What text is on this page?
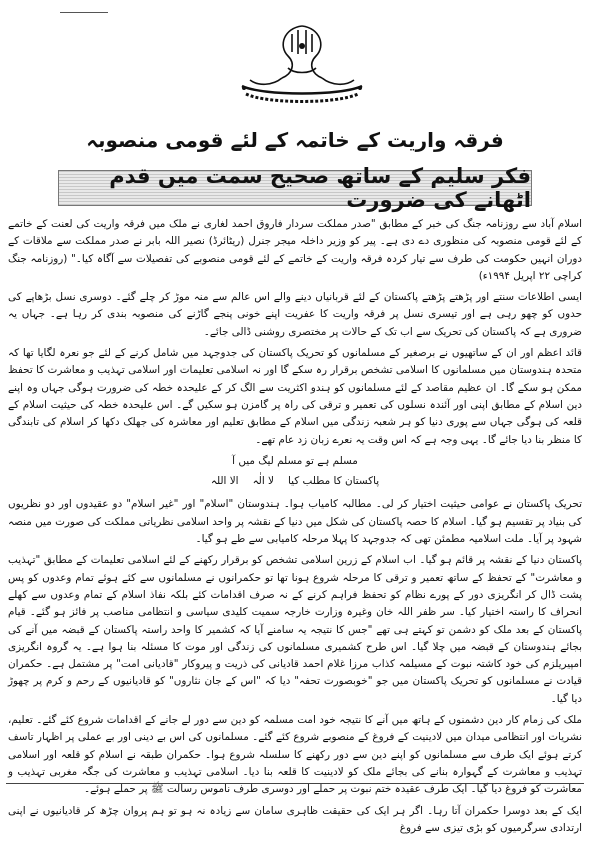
فرقہ واریت کے خاتمہ کے لئے قومی منصوبہ
فکر سلیم کے ساتھ صحیح سمت میں قدم اٹھانے کی ضرورت

اسلام آباد سے روزنامہ جنگ کی خبر کے مطابق "صدر مملکت سردار فاروق احمد لغاری نے ملک میں فرقہ واریت کی لعنت کے خاتمے کے لئے قومی منصوبہ کی منظوری دے دی ہے۔ پیر کو وزیر داخلہ میجر جنرل (ریٹائرڈ) نصیر اللہ بابر نے صدر مملکت سے ملاقات کے دوران انہیں حکومت کی طرف سے تیار کردہ فرقہ واریت کے خاتمے کے لئے قومی منصوبے کی تفصیلات سے آگاہ کیا۔" (روزنامہ جنگ کراچی ۲۲ اپریل ۱۹۹۴ء)

ایسی اطلاعات سنتے اور پڑھتے پڑھتے پاکستان کے لئے قربانیاں دینے والے اس عالم سے منہ موڑ کر چلے گئے۔ دوسری نسل بڑھاپے کی حدوں کو چھو رہی ہے اور تیسری نسل پر فرقہ واریت کا عفریت اپنے خونی پنجے گاڑنے کی منصوبہ بندی کر رہا ہے۔ جہاں یہ ضروری ہے کہ پاکستان کی تحریک سے اب تک کے حالات پر مختصری روشنی ڈالی جائے۔

قائد اعظم اور ان کے ساتھیوں نے برصغیر کے مسلمانوں کو تحریک پاکستان کی جدوجہد میں شامل کرنے کے لئے جو نعرہ لگایا تھا کہ متحدہ ہندوستان میں مسلمانوں کا اسلامی تشخص برقرار رہ سکے گا اور نہ اسلامی تعلیمات اور اسلامی تہذیب و معاشرت کا تحفظ ممکن ہو سکے گا۔ ان عظیم مقاصد کے لئے مسلمانوں کو ہندو اکثریت سے الگ کر کے علیحدہ خطہ کی ضرورت ہوگی جہاں وہ اپنے دین اسلام کے مطابق اپنی اور آئندہ نسلوں کی تعمیر و ترقی کی راہ پر گامزن ہو سکیں گے۔ اس علیحدہ خطہ کی حیثیت اسلام کے قلعہ کی ہوگی جہاں سے پوری دنیا کو ہر شعبہ زندگی میں اسلام کے مطابق تعلیم اور معاشرہ کی جھلک دکھا کر اسلام کی تابندگی کا منظر بنا دیا جائے گا۔ یہی وجہ ہے کہ اس وقت یہ نعرے زبان زد عام تھے۔

مسلم ہے تو مسلم لیگ میں آ
پاکستان کا مطلب کیا
لا الٰہ
الا اللہ

تحریک پاکستان نے عوامی حیثیت اختیار کر لی۔ مطالبہ کامیاب ہوا۔ ہندوستان "اسلام" اور "غیر اسلام" دو عقیدوں اور دو نظریوں کی بنیاد پر تقسیم ہو گیا۔ اسلام کا حصہ پاکستان کی شکل میں دنیا کے نقشہ پر واحد اسلامی نظریاتی مملکت کی صورت میں منصہ شہود پر آیا۔ ملت اسلامیہ مطمئن تھی کہ جدوجہد کا پہلا مرحلہ کامیابی سے طے ہو گیا۔

پاکستان دنیا کے نقشہ پر قائم ہو گیا۔ اب اسلام کے زرین اسلامی تشخص کو برقرار رکھنے کے لئے اسلامی تعلیمات کے مطابق "تہذیب و معاشرت" کے تحفظ کے ساتھ تعمیر و ترقی کا مرحلہ شروع ہونا تھا تو حکمرانوں نے مسلمانوں سے کئے ہوئے تمام وعدوں کو پس پشت ڈال کر انگریزی دور کے پورے نظام کو تحفظ فراہم کرنے کے نہ صرف اقدامات کئے بلکہ نفاذ اسلام کے تمام وعدوں سے کھلے انحراف کا راستہ اختیار کیا۔ سر ظفر اللہ خان وغیرہ وزارت خارجہ سمیت کلیدی سیاسی و انتظامی مناصب پر فائز ہو گئے۔ قیام پاکستان کے بعد ملک کو دشمن تو کہتے ہی تھے "جس کا نتیجہ یہ سامنے آیا کہ کشمیر کا واحد راستہ پاکستان کے قبضہ میں آنے کی بجائے ہندوستان کے قبضہ میں چلا گیا۔ اس طرح کشمیری مسلمانوں کی زندگی اور موت کا مسئلہ بنا ہوا ہے۔ یہ گروہ انگریزی امپیریلزم کی خود کاشتہ نبوت کے مسیلمہ کذاب مرزا غلام احمد قادیانی کی ذریت و پیروکار "قادیانی امت" پر مشتمل ہے۔ حکمران قیادت نے مسلمانوں کو تحریک پاکستان میں جو "خوبصورت تحفہ" دیا کہ "اس کے جان نثاروں" کو قادیانیوں کے رحم و کرم پر چھوڑ دیا گیا۔

ملک کی زمام کار دین دشمنوں کے ہاتھ میں آنے کا نتیجہ خود امت مسلمہ کو دین سے دور لے جانے کے اقدامات شروع کئے گئے۔ تعلیم، نشریات اور انتظامی میدان میں لادینیت کے فروغ کے منصوبے شروع کئے گئے۔ مسلمانوں کی اس بے دینی اور بے عملی پر اظہار تاسف کرتے ہوئے ایک طرف سے مسلمانوں کو اپنے دین سے دور رکھنے کا سلسلہ شروع ہوا۔ حکمران طبقہ نے اسلام کو قلعہ اور اسلامی تہذیب و معاشرت کے گہوارہ بنانے کی بجائے ملک کو لادینیت کا قلعہ بنا دیا۔ اسلامی تہذیب و معاشرت کی جگہ مغربی تہذیب و معاشرت کو فروغ دیا گیا۔ ایک طرف عقیدہ ختم نبوت پر حملے اور دوسری طرف ناموس رسالت ﷺ پر حملے ہوئے۔

ایک کے بعد دوسرا حکمران آتا رہا۔ اگر ہر ایک کی حقیقت ظاہری سامان سے زیادہ نہ ہو تو ہم پروان چڑھ کر قادیانیوں نے اپنی ارتدادی سرگرمیوں کو بڑی تیزی سے فروغ
